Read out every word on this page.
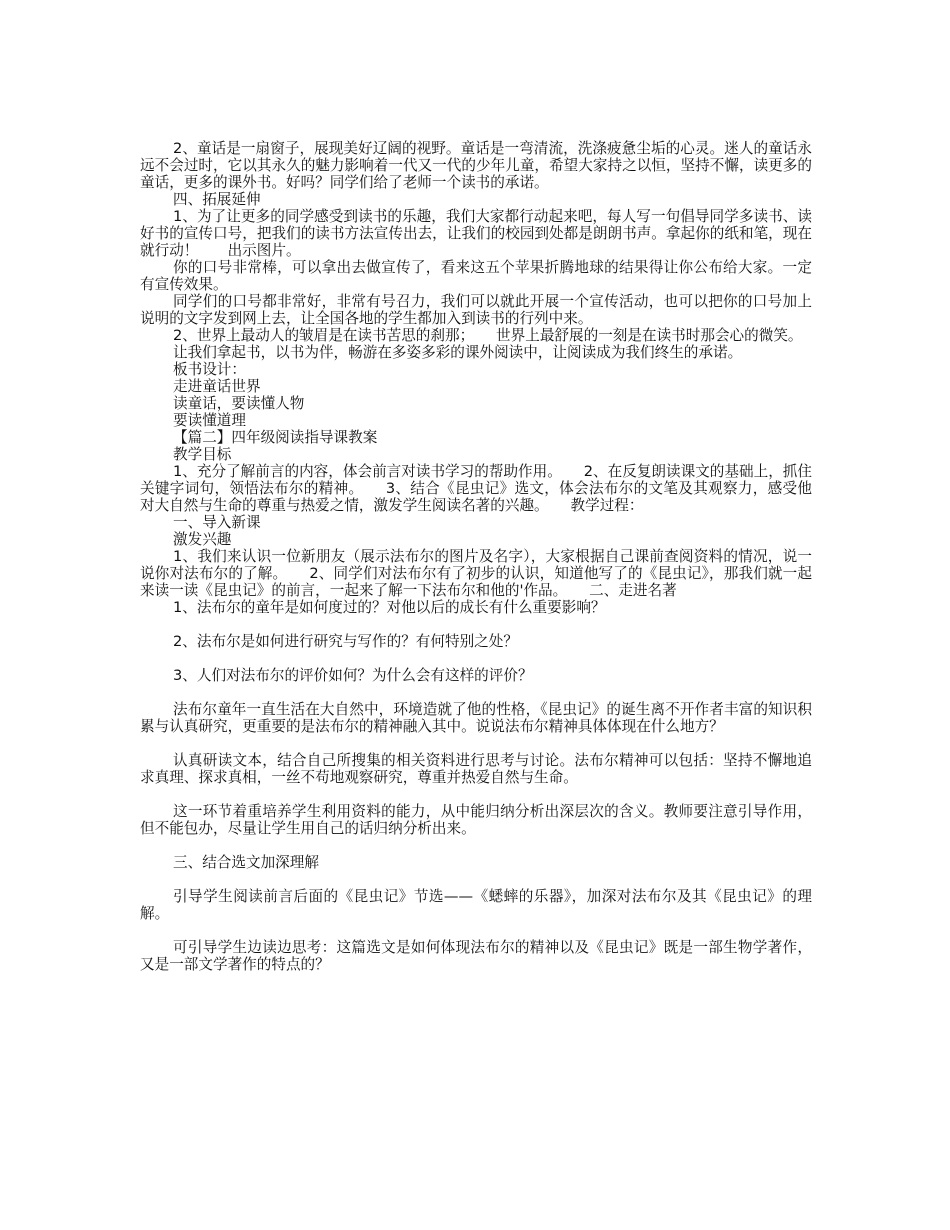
2、童话是一扇窗子，展现美好辽阔的视野。童话是一弯清流，洗涤疲惫尘垢的心灵。迷人的童话永远不会过时，它以其永久的魅力影响着一代又一代的少年儿童，希望大家持之以恒，坚持不懈，读更多的童话，更多的课外书。好吗？同学们给了老师一个读书的承诺。

四、拓展延伸

1、为了让更多的同学感受到读书的乐趣，我们大家都行动起来吧，每人写一句倡导同学多读书、读好书的宣传口号，把我们的读书方法宣传出去，让我们的校园到处都是朗朗书声。拿起你的纸和笔，现在就行动！　　出示图片。

你的口号非常棒，可以拿出去做宣传了，看来这五个苹果折腾地球的结果得让你公布给大家。一定有宣传效果。

同学们的口号都非常好，非常有号召力，我们可以就此开展一个宣传活动，也可以把你的口号加上说明的文字发到网上去，让全国各地的学生都加入到读书的行列中来。

2、世界上最动人的皱眉是在读书苦思的刹那；　　世界上最舒展的一刻是在读书时那会心的微笑。

让我们拿起书，以书为伴，畅游在多姿多彩的课外阅读中，让阅读成为我们终生的承诺。

板书设计：

走进童话世界

读童话，要读懂人物

要读懂道理

【篇二】四年级阅读指导课教案

教学目标

1、充分了解前言的内容，体会前言对读书学习的帮助作用。　　2、在反复朗读课文的基础上，抓住关键字词句，领悟法布尔的精神。　　3、结合《昆虫记》选文，体会法布尔的文笔及其观察力，感受他对大自然与生命的尊重与热爱之情，激发学生阅读名著的兴趣。　　教学过程：

一、导入新课

激发兴趣

1、我们来认识一位新朋友（展示法布尔的图片及名字），大家根据自己课前查阅资料的情况，说一说你对法布尔的了解。　　2、同学们对法布尔有了初步的认识，知道他写了的《昆虫记》，那我们就一起来读一读《昆虫记》的前言，一起来了解一下法布尔和他的'作品。　　二、走进名著

1、法布尔的童年是如何度过的？对他以后的成长有什么重要影响？

2、法布尔是如何进行研究与写作的？有何特别之处？

3、人们对法布尔的评价如何？为什么会有这样的评价？

法布尔童年一直生活在大自然中，环境造就了他的性格，《昆虫记》的诞生离不开作者丰富的知识积累与认真研究，更重要的是法布尔的精神融入其中。说说法布尔精神具体体现在什么地方？

认真研读文本，结合自己所搜集的相关资料进行思考与讨论。法布尔精神可以包括：坚持不懈地追求真理、探求真相，一丝不苟地观察研究，尊重并热爱自然与生命。

这一环节着重培养学生利用资料的能力，从中能归纳分析出深层次的含义。教师要注意引导作用，但不能包办，尽量让学生用自己的话归纳分析出来。

三、结合选文加深理解

引导学生阅读前言后面的《昆虫记》节选——《蟋蟀的乐器》，加深对法布尔及其《昆虫记》的理解。

可引导学生边读边思考：这篇选文是如何体现法布尔的精神以及《昆虫记》既是一部生物学著作，又是一部文学著作的特点的？
